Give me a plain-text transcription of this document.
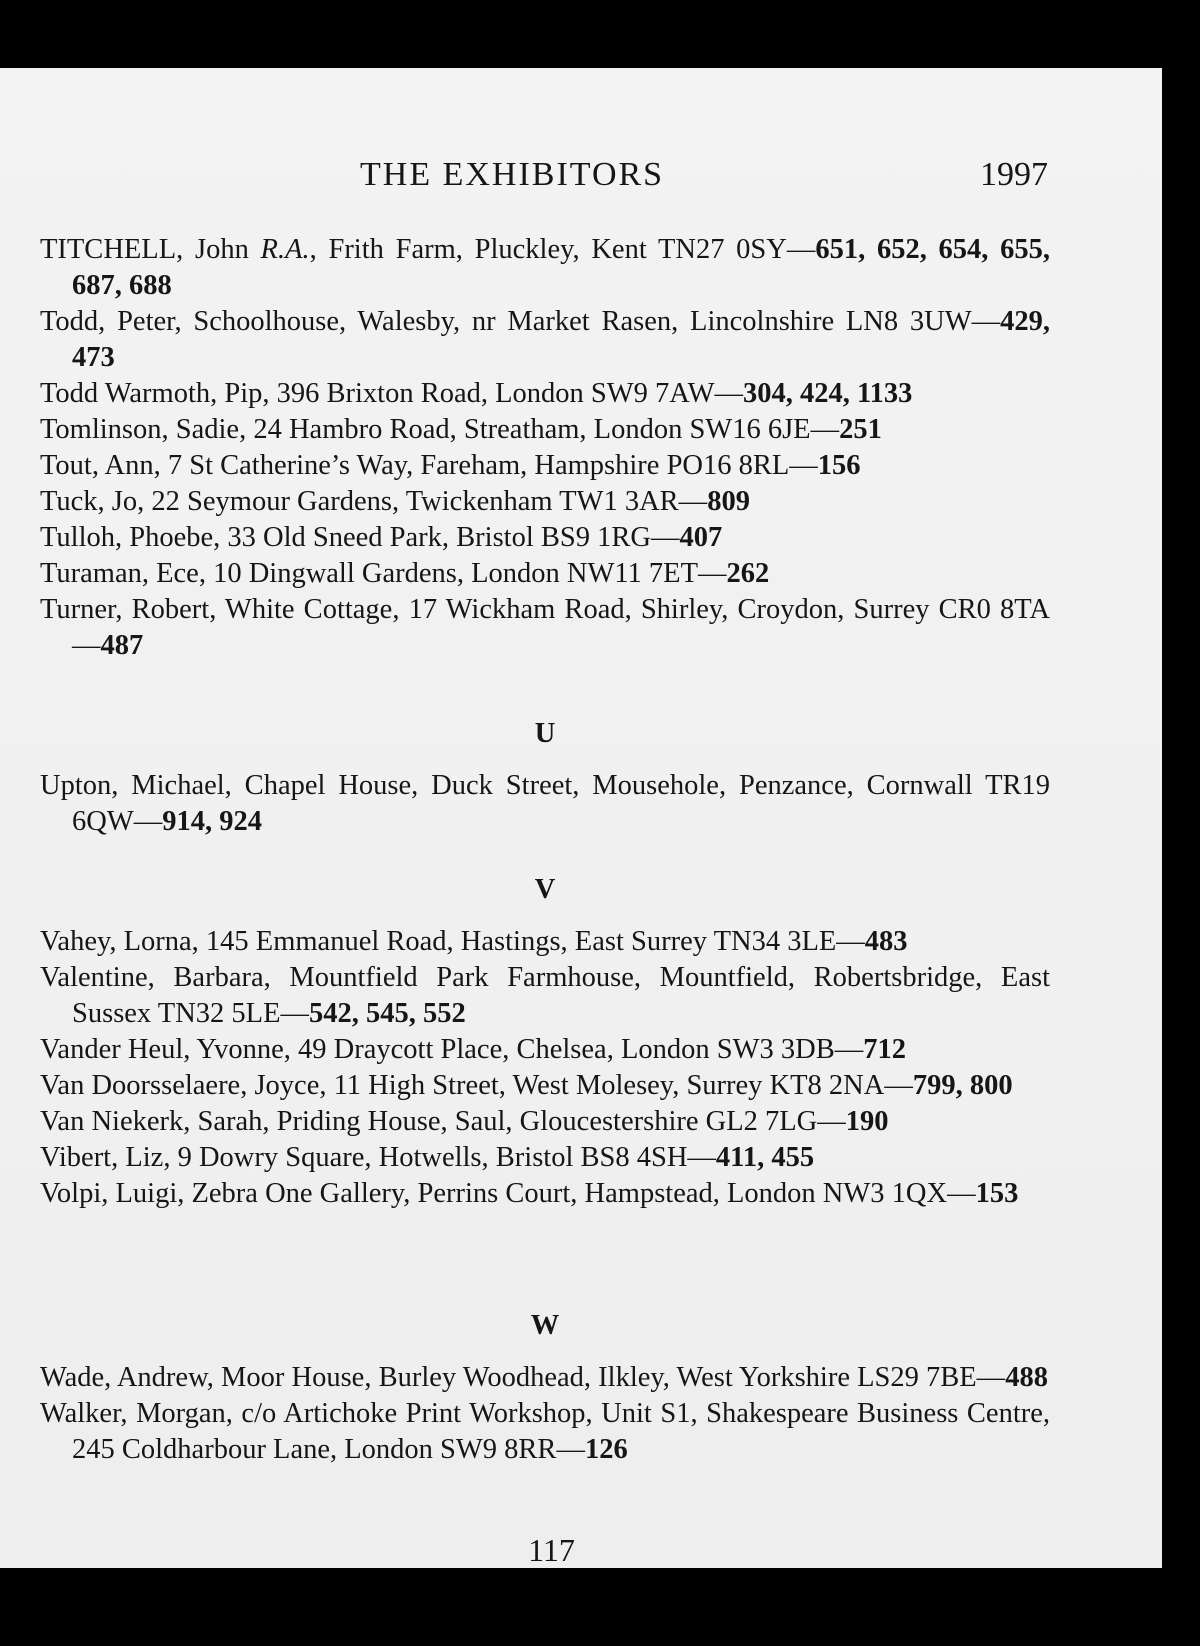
THE EXHIBITORS	1997
TITCHELL, John R.A., Frith Farm, Pluckley, Kent TN27 0SY—651, 652, 654, 655, 687, 688
Todd, Peter, Schoolhouse, Walesby, nr Market Rasen, Lincolnshire LN8 3UW—429, 473
Todd Warmoth, Pip, 396 Brixton Road, London SW9 7AW—304, 424, 1133
Tomlinson, Sadie, 24 Hambro Road, Streatham, London SW16 6JE—251
Tout, Ann, 7 St Catherine’s Way, Fareham, Hampshire PO16 8RL—156
Tuck, Jo, 22 Seymour Gardens, Twickenham TW1 3AR—809
Tulloh, Phoebe, 33 Old Sneed Park, Bristol BS9 1RG—407
Turaman, Ece, 10 Dingwall Gardens, London NW11 7ET—262
Turner, Robert, White Cottage, 17 Wickham Road, Shirley, Croydon, Surrey CR0 8TA—487
U
Upton, Michael, Chapel House, Duck Street, Mousehole, Penzance, Cornwall TR19 6QW—914, 924
V
Vahey, Lorna, 145 Emmanuel Road, Hastings, East Surrey TN34 3LE—483
Valentine, Barbara, Mountfield Park Farmhouse, Mountfield, Robertsbridge, East Sussex TN32 5LE—542, 545, 552
Vander Heul, Yvonne, 49 Draycott Place, Chelsea, London SW3 3DB—712
Van Doorsselaere, Joyce, 11 High Street, West Molesey, Surrey KT8 2NA—799, 800
Van Niekerk, Sarah, Priding House, Saul, Gloucestershire GL2 7LG—190
Vibert, Liz, 9 Dowry Square, Hotwells, Bristol BS8 4SH—411, 455
Volpi, Luigi, Zebra One Gallery, Perrins Court, Hampstead, London NW3 1QX—153
W
Wade, Andrew, Moor House, Burley Woodhead, Ilkley, West Yorkshire LS29 7BE—488
Walker, Morgan, c/o Artichoke Print Workshop, Unit S1, Shakespeare Business Centre, 245 Coldharbour Lane, London SW9 8RR—126
117
